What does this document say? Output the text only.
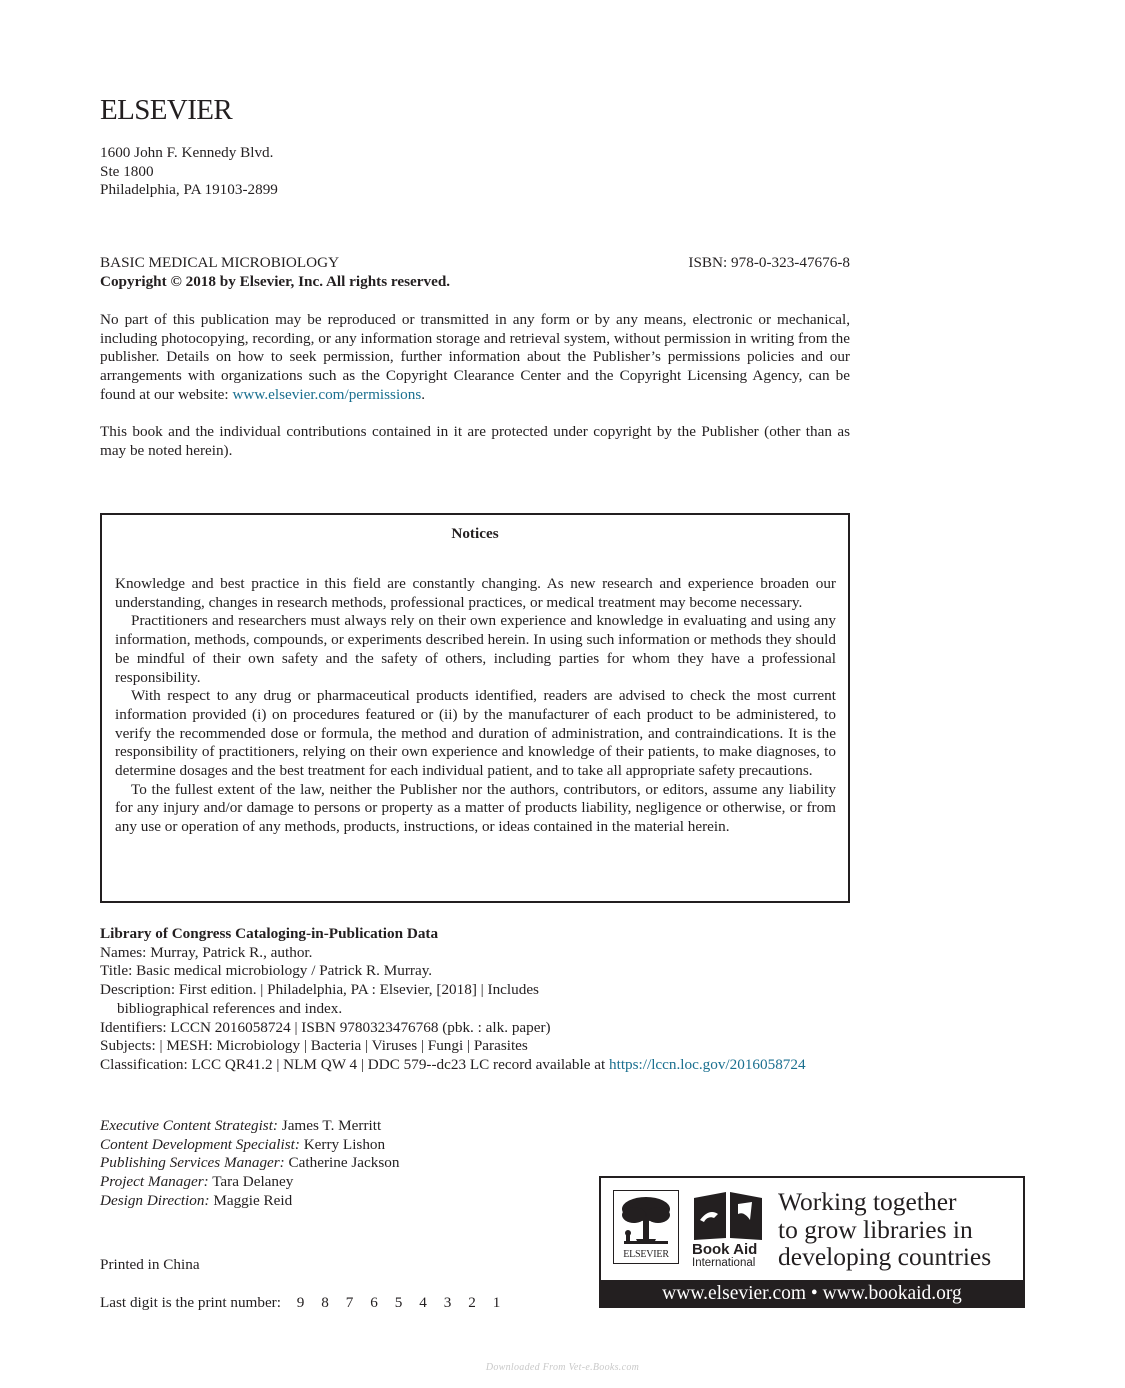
ELSEVIER
1600 John F. Kennedy Blvd.
Ste 1800
Philadelphia, PA 19103-2899
BASIC MEDICAL MICROBIOLOGY	ISBN: 978-0-323-47676-8
Copyright © 2018 by Elsevier, Inc. All rights reserved.
No part of this publication may be reproduced or transmitted in any form or by any means, electronic or mechanical, including photocopying, recording, or any information storage and retrieval system, without permission in writing from the publisher. Details on how to seek permission, further information about the Publisher’s permissions policies and our arrangements with organizations such as the Copyright Clearance Center and the Copyright Licensing Agency, can be found at our website: www.elsevier.com/permissions.
This book and the individual contributions contained in it are protected under copyright by the Publisher (other than as may be noted herein).
Notices

Knowledge and best practice in this field are constantly changing. As new research and experience broaden our understanding, changes in research methods, professional practices, or medical treatment may become necessary.

Practitioners and researchers must always rely on their own experience and knowledge in evaluating and using any information, methods, compounds, or experiments described herein. In using such information or methods they should be mindful of their own safety and the safety of others, including parties for whom they have a professional responsibility.

With respect to any drug or pharmaceutical products identified, readers are advised to check the most current information provided (i) on procedures featured or (ii) by the manufacturer of each product to be administered, to verify the recommended dose or formula, the method and duration of administration, and contraindications. It is the responsibility of practitioners, relying on their own experience and knowledge of their patients, to make diagnoses, to determine dosages and the best treatment for each individual patient, and to take all appropriate safety precautions.

To the fullest extent of the law, neither the Publisher nor the authors, contributors, or editors, assume any liability for any injury and/or damage to persons or property as a matter of products liability, negligence or otherwise, or from any use or operation of any methods, products, instructions, or ideas contained in the material herein.

Library of Congress Cataloging-in-Publication Data
Names: Murray, Patrick R., author.
Title: Basic medical microbiology / Patrick R. Murray.
Description: First edition. | Philadelphia, PA : Elsevier, [2018] | Includes
bibliographical references and index.
Identifiers: LCCN 2016058724 | ISBN 9780323476768 (pbk. : alk. paper)
Subjects: | MESH: Microbiology | Bacteria | Viruses | Fungi | Parasites
Classification: LCC QR41.2 | NLM QW 4 | DDC 579--dc23 LC record available at https://lccn.loc.gov/2016058724
Executive Content Strategist: James T. Merritt
Content Development Specialist: Kerry Lishon
Publishing Services Manager: Catherine Jackson
Project Manager: Tara Delaney
Design Direction: Maggie Reid
Printed in China
Last digit is the print number: 9 8 7 6 5 4 3 2 1
ELSEVIER	Book Aid
International
Working together
to grow libraries in
developing countries
www.elsevier.com • www.bookaid.org
Downloaded From Vet-e.Books.com
